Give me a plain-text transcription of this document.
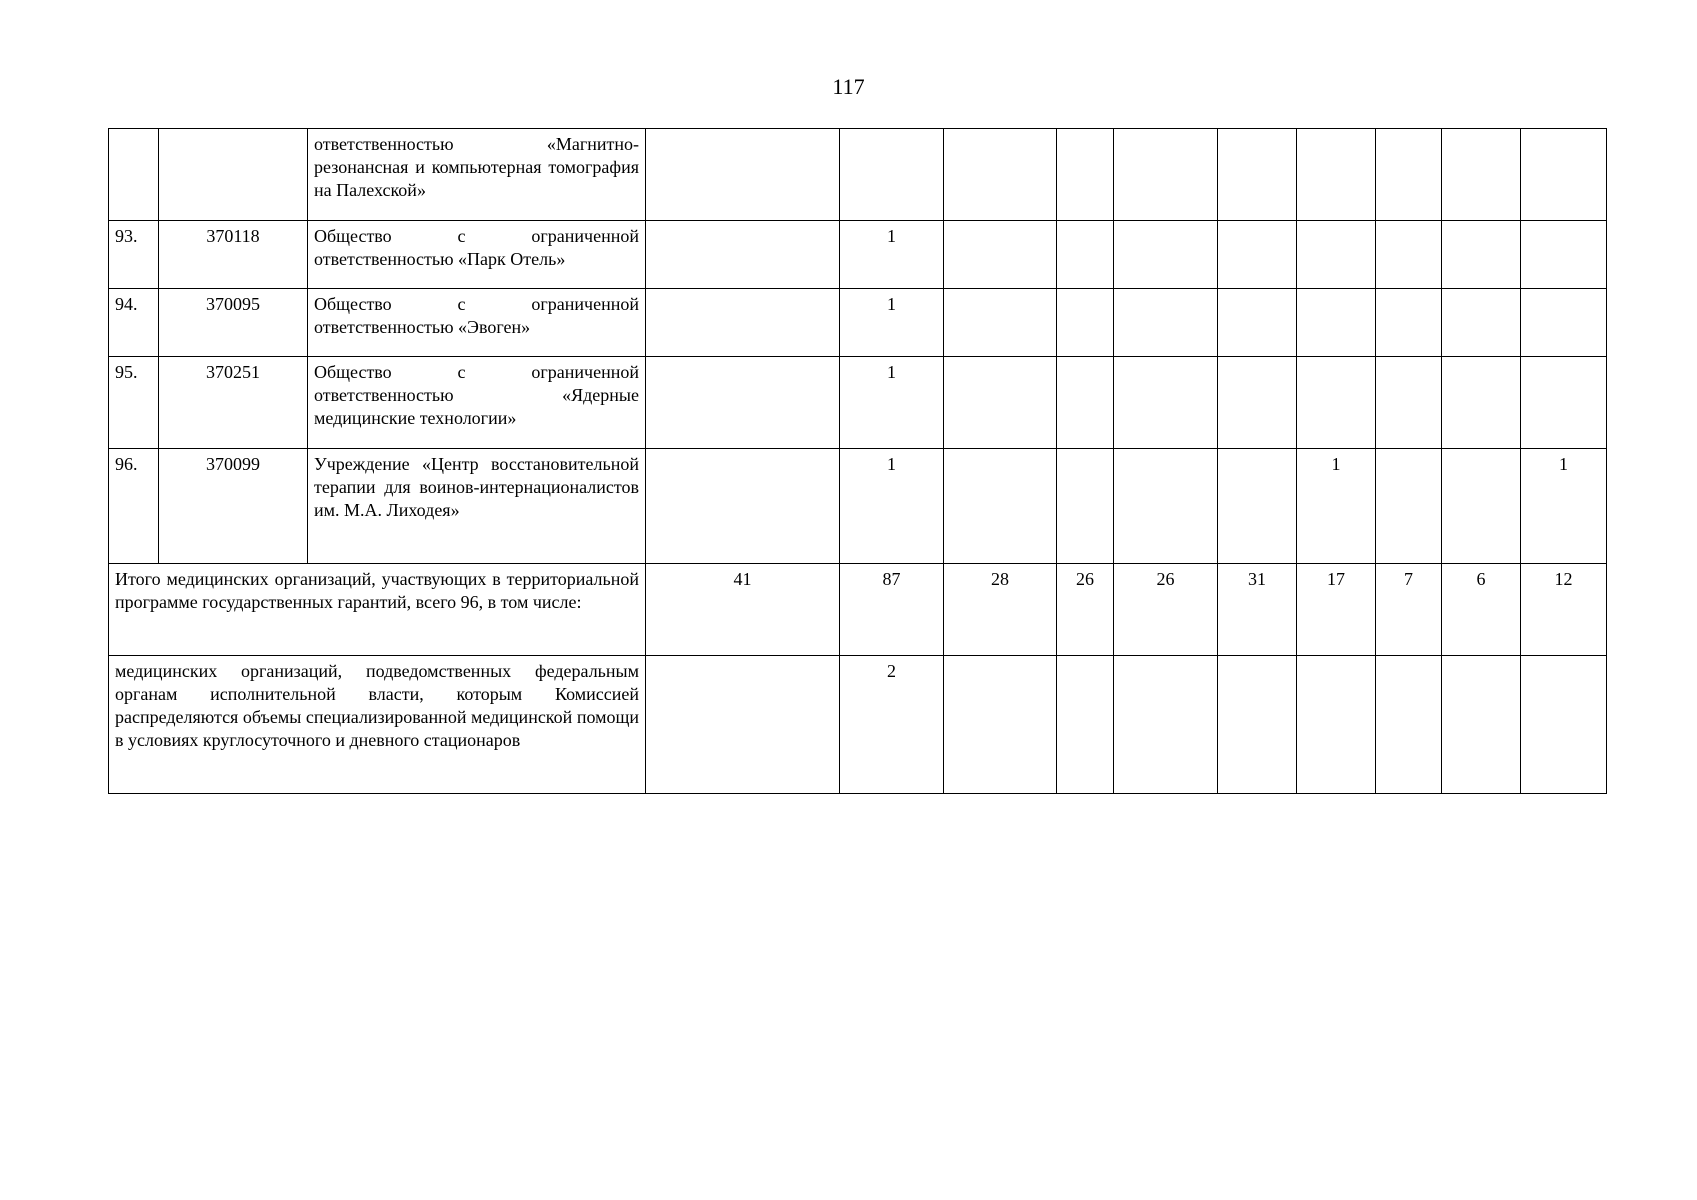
117
		ответственностью «Магнитно-резонансная и компьютерная томография на Палехской»										
93.	370118	Общество с ограниченной ответственностью «Парк Отель»		1								
94.	370095	Общество с ограниченной ответственностью «Эвоген»		1								
95.	370251	Общество с ограниченной ответственностью «Ядерные медицинские технологии»		1								
96.	370099	Учреждение «Центр восстановительной терапии для воинов-интернационалистов им. М.А. Лиходея»		1					1			1
Итого медицинских организаций, участвующих в территориальной программе государственных гарантий, всего 96, в том числе:			41	87	28	26	26	31	17	7	6	12
медицинских организаций, подведомственных федеральным органам исполнительной власти, которым Комиссией распределяются объемы специализированной медицинской помощи в условиях круглосуточного и дневного стационаров				2								
